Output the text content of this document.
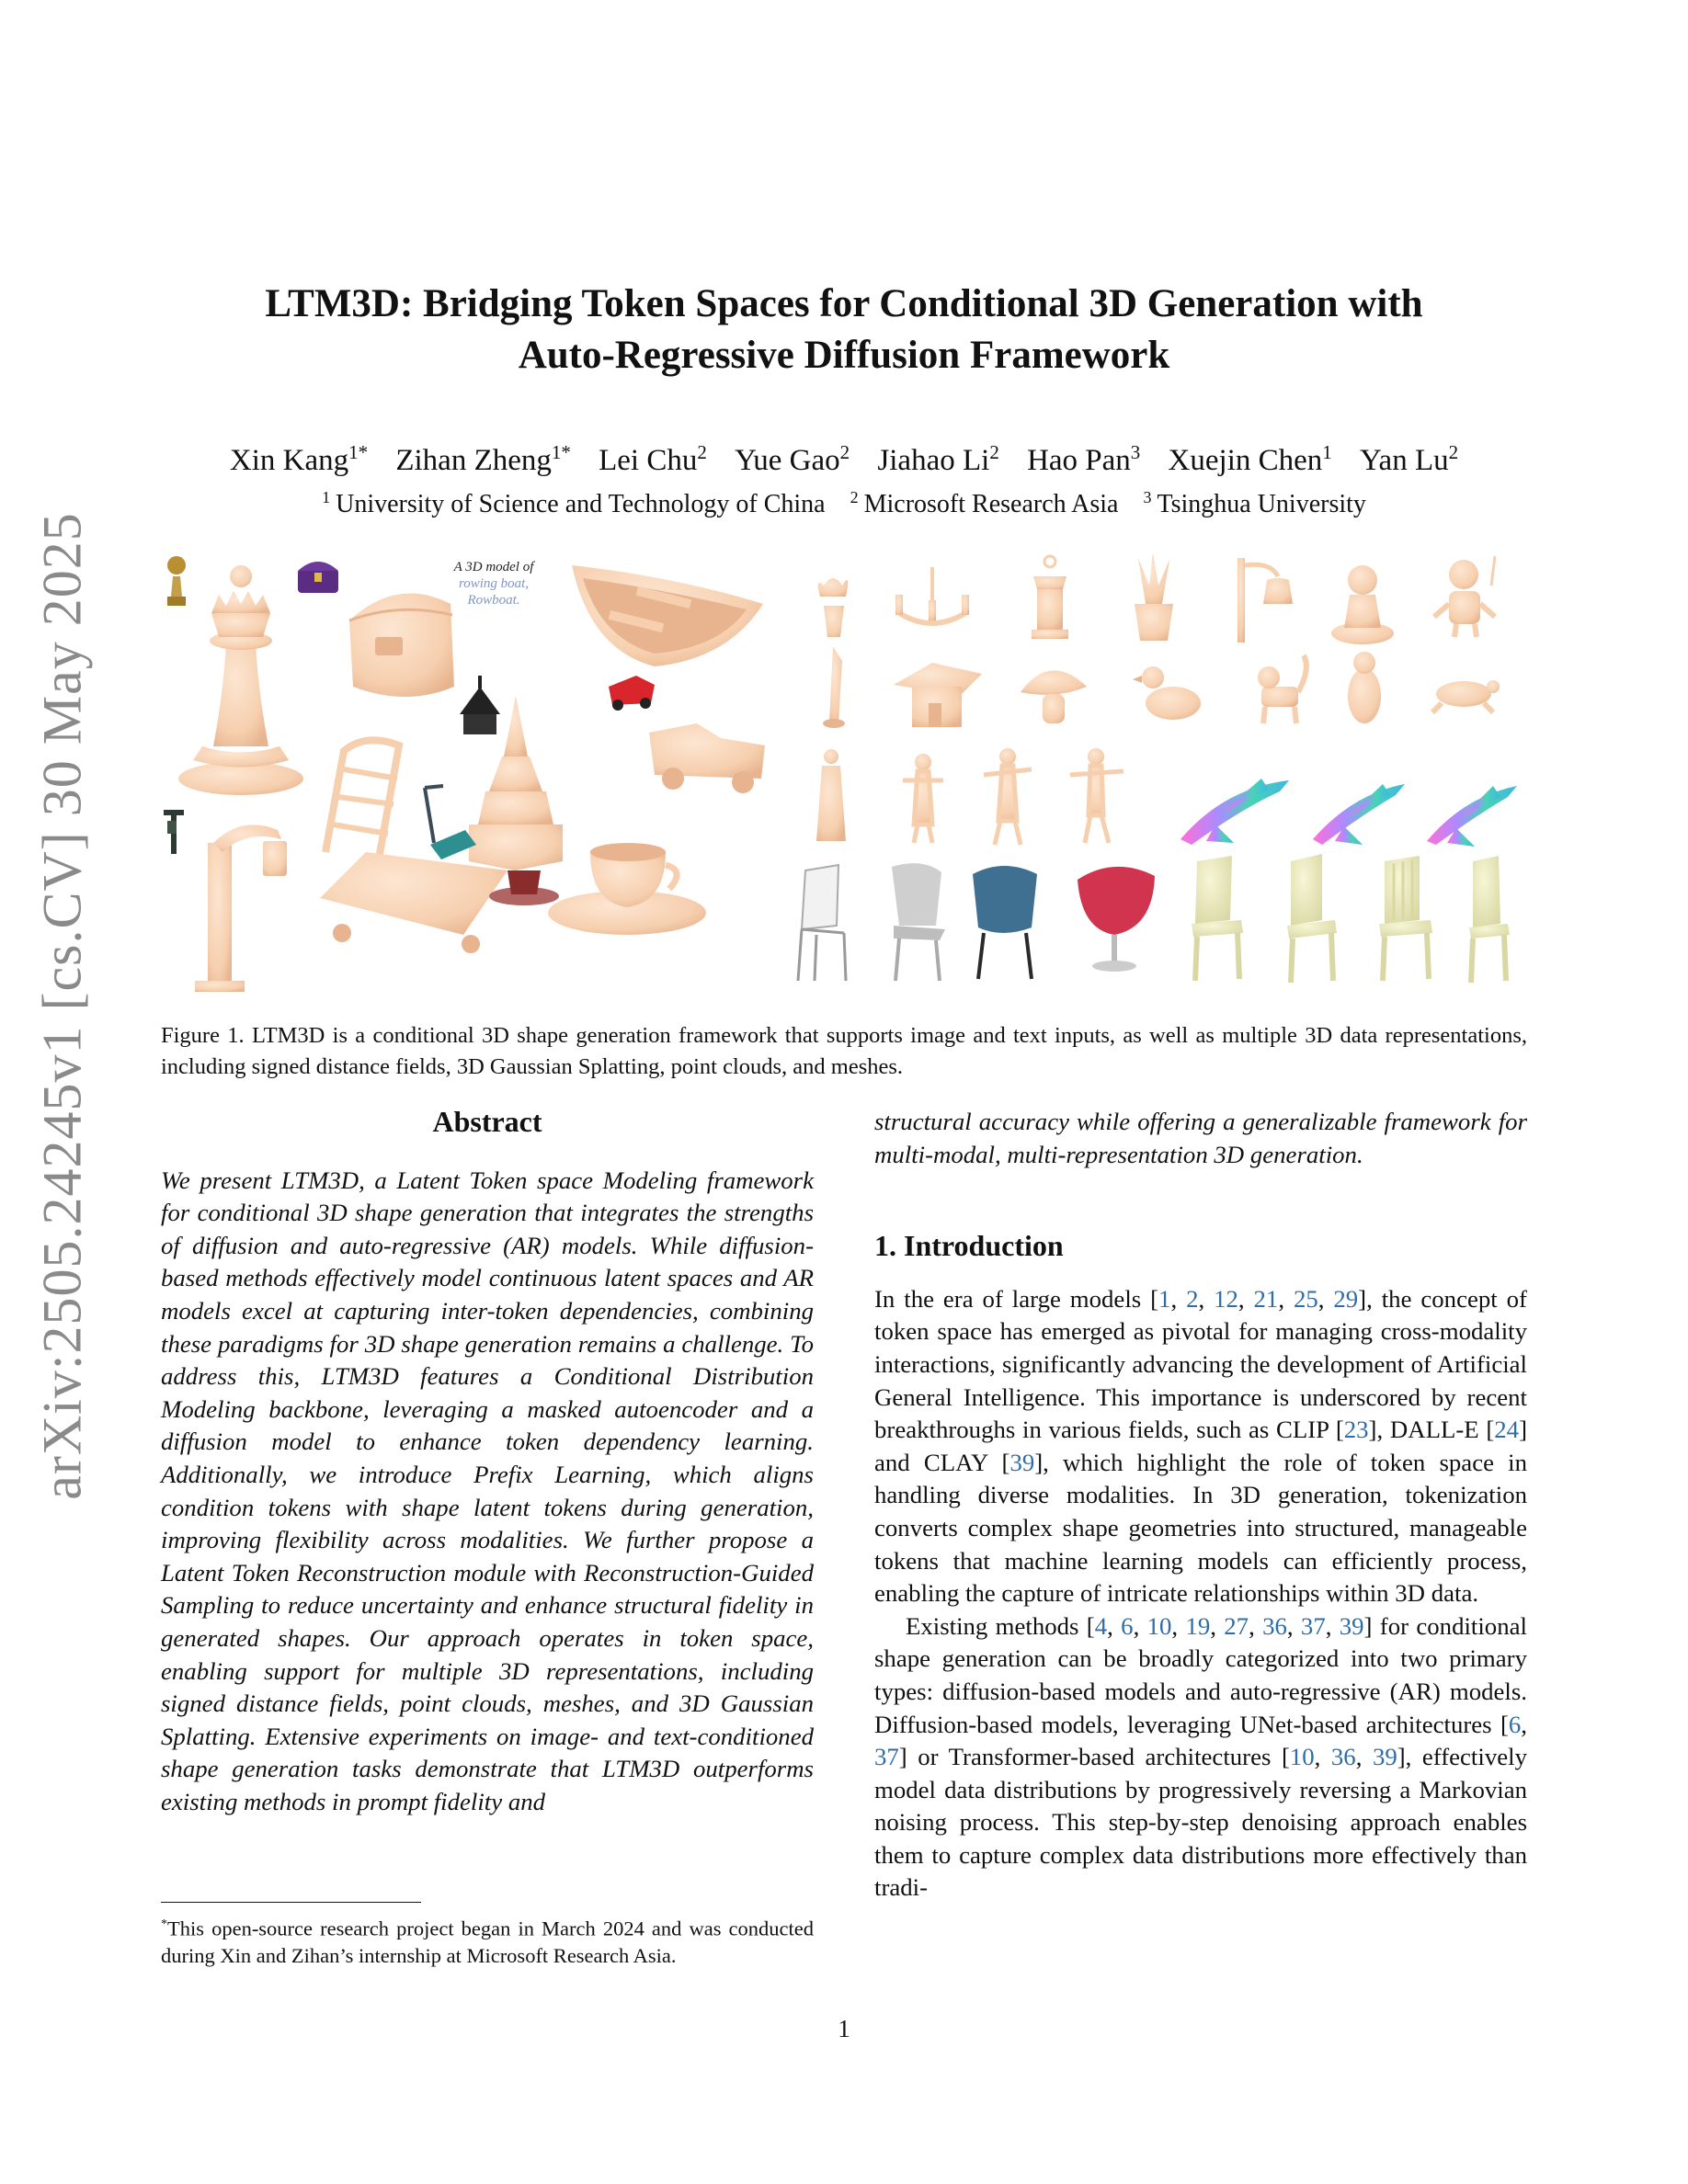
arXiv:2505.24245v1 [cs.CV] 30 May 2025
LTM3D: Bridging Token Spaces for Conditional 3D Generation with
Auto-Regressive Diffusion Framework
Xin Kang$^{1*}$ Zihan Zheng$^{1*}$ Lei Chu$^2$ Yue Gao$^2$ Jiahao Li$^2$ Hao Pan$^3$ Xuejin Chen$^1$ Yan Lu$^2$
$^1$ University of Science and Technology of China $^2$ Microsoft Research Asia $^3$ Tsinghua University
A 3D model of
rowing boat,
Rowboat.
Figure 1. LTM3D is a conditional 3D shape generation framework that supports image and text inputs, as well as multiple 3D data representations, including signed distance fields, 3D Gaussian Splatting, point clouds, and meshes.
Abstract

We present LTM3D, a Latent Token space Modeling framework for conditional 3D shape generation that integrates the strengths of diffusion and auto-regressive (AR) models. While diffusion-based methods effectively model continuous latent spaces and AR models excel at capturing inter-token dependencies, combining these paradigms for 3D shape generation remains a challenge. To address this, LTM3D features a Conditional Distribution Modeling backbone, leveraging a masked autoencoder and a diffusion model to enhance token dependency learning. Additionally, we introduce Prefix Learning, which aligns condition tokens with shape latent tokens during generation, improving flexibility across modalities. We further propose a Latent Token Reconstruction module with Reconstruction-Guided Sampling to reduce uncertainty and enhance structural fidelity in generated shapes. Our approach operates in token space, enabling support for multiple 3D representations, including signed distance fields, point clouds, meshes, and 3D Gaussian Splatting. Extensive experiments on image- and text-conditioned shape generation tasks demonstrate that LTM3D outperforms existing methods in prompt fidelity and

structural accuracy while offering a generalizable framework for multi-modal, multi-representation 3D generation.

1. Introduction

In the era of large models [1, 2, 12, 21, 25, 29], the concept of token space has emerged as pivotal for managing cross-modality interactions, significantly advancing the development of Artificial General Intelligence. This importance is underscored by recent breakthroughs in various fields, such as CLIP [23], DALL-E [24] and CLAY [39], which highlight the role of token space in handling diverse modalities. In 3D generation, tokenization converts complex shape geometries into structured, manageable tokens that machine learning models can efficiently process, enabling the capture of intricate relationships within 3D data.

Existing methods [4, 6, 10, 19, 27, 36, 37, 39] for conditional shape generation can be broadly categorized into two primary types: diffusion-based models and auto-regressive (AR) models. Diffusion-based models, leveraging UNet-based architectures [6, 37] or Transformer-based architectures [10, 36, 39], effectively model data distributions by progressively reversing a Markovian noising process. This step-by-step denoising approach enables them to capture complex data distributions more effectively than tradi-

*This open-source research project began in March 2024 and was conducted during Xin and Zihan’s internship at Microsoft Research Asia.
1
